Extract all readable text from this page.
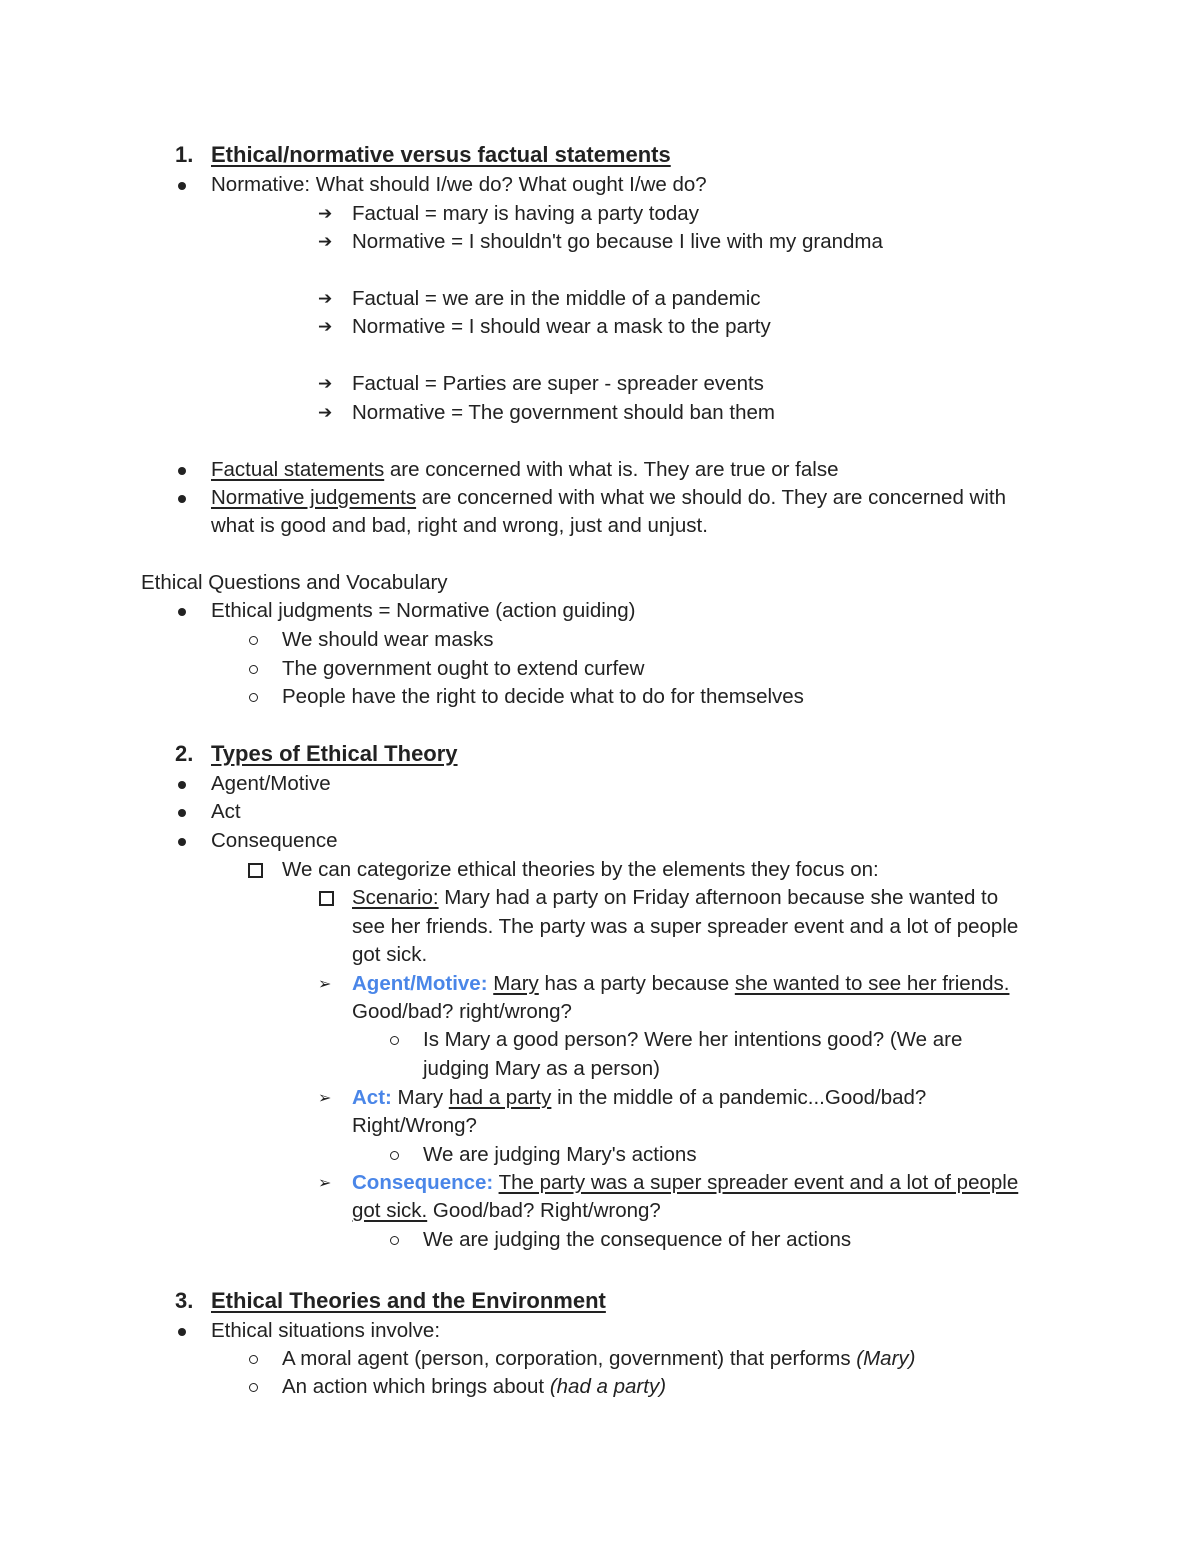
1. Ethical/normative versus factual statements
Normative: What should I/we do? What ought I/we do?
➔ Factual = mary is having a party today
➔ Normative = I shouldn't go because I live with my grandma
➔ Factual = we are in the middle of a pandemic
➔ Normative = I should wear a mask to the party
➔ Factual = Parties are super - spreader events
➔ Normative = The government should ban them
Factual statements are concerned with what is. They are true or false
Normative judgements are concerned with what we should do. They are concerned with
what is good and bad, right and wrong, just and unjust.
Ethical Questions and Vocabulary
Ethical judgments = Normative (action guiding)
We should wear masks
The government ought to extend curfew
People have the right to decide what to do for themselves
2. Types of Ethical Theory
Agent/Motive
Act
Consequence
We can categorize ethical theories by the elements they focus on:
Scenario: Mary had a party on Friday afternoon because she wanted to
see her friends. The party was a super spreader event and a lot of people
got sick.
➢ Agent/Motive: Mary has a party because she wanted to see her friends.
Good/bad? right/wrong?
Is Mary a good person? Were her intentions good? (We are
judging Mary as a person)
➢ Act: Mary had a party in the middle of a pandemic...Good/bad?
Right/Wrong?
We are judging Mary's actions
➢ Consequence: The party was a super spreader event and a lot of people
got sick. Good/bad? Right/wrong?
We are judging the consequence of her actions
3. Ethical Theories and the Environment
Ethical situations involve:
A moral agent (person, corporation, government) that performs (Mary)
An action which brings about (had a party)
